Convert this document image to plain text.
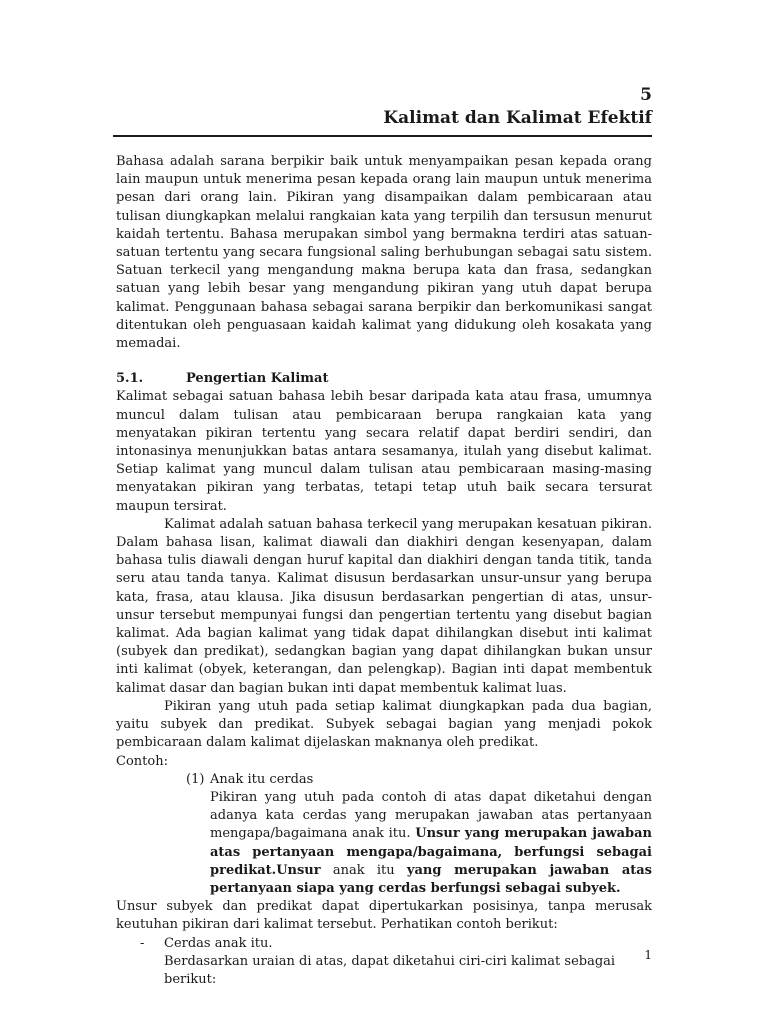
5
Kalimat dan Kalimat Efektif

Bahasa adalah sarana berpikir baik untuk menyampaikan pesan kepada orang lain maupun untuk menerima pesan kepada orang lain maupun untuk menerima pesan dari orang lain. Pikiran yang disampaikan dalam pembicaraan atau tulisan diungkapkan melalui rangkaian kata yang terpilih dan tersusun menurut kaidah tertentu. Bahasa merupakan simbol yang bermakna terdiri atas satuan-satuan tertentu yang secara fungsional saling berhubungan sebagai satu sistem. Satuan terkecil yang mengandung makna berupa kata dan frasa, sedangkan satuan yang lebih besar yang mengandung pikiran yang utuh dapat berupa kalimat. Penggunaan bahasa sebagai sarana berpikir dan berkomunikasi sangat ditentukan oleh penguasaan kaidah kalimat yang didukung oleh kosakata yang memadai.

5.1.	Pengertian Kalimat

Kalimat sebagai satuan bahasa lebih besar daripada kata atau frasa, umumnya muncul dalam tulisan atau pembicaraan berupa rangkaian kata yang menyatakan pikiran tertentu yang secara relatif dapat berdiri sendiri, dan intonasinya menunjukkan batas antara sesamanya, itulah yang disebut kalimat. Setiap kalimat yang muncul dalam tulisan atau pembicaraan masing-masing menyatakan pikiran yang terbatas, tetapi tetap utuh baik secara tersurat maupun tersirat.

Kalimat adalah satuan bahasa terkecil yang merupakan kesatuan pikiran. Dalam bahasa lisan, kalimat diawali dan diakhiri dengan kesenyapan, dalam bahasa tulis diawali dengan huruf kapital dan diakhiri dengan tanda titik, tanda seru atau tanda tanya. Kalimat disusun berdasarkan unsur-unsur yang berupa kata, frasa, atau klausa. Jika disusun berdasarkan pengertian di atas, unsur-unsur tersebut mempunyai fungsi dan pengertian tertentu yang disebut bagian kalimat. Ada bagian kalimat yang tidak dapat dihilangkan disebut inti kalimat (subyek dan predikat), sedangkan bagian yang dapat dihilangkan bukan unsur inti kalimat (obyek, keterangan, dan pelengkap). Bagian inti dapat membentuk kalimat dasar dan bagian bukan inti dapat membentuk kalimat luas.

Pikiran yang utuh pada setiap kalimat diungkapkan pada dua bagian, yaitu subyek dan predikat. Subyek sebagai bagian yang menjadi pokok pembicaraan dalam kalimat dijelaskan maknanya oleh predikat.

Contoh:

(1) Anak itu cerdas
Pikiran yang utuh pada contoh di atas dapat diketahui dengan adanya kata cerdas yang merupakan jawaban atas pertanyaan mengapa/bagaimana anak itu. Unsur yang merupakan jawaban atas pertanyaan mengapa/bagaimana, berfungsi sebagai predikat.Unsur anak itu yang merupakan jawaban atas pertanyaan siapa yang cerdas berfungsi sebagai subyek.

Unsur subyek dan predikat dapat dipertukarkan posisinya, tanpa merusak keutuhan pikiran dari kalimat tersebut. Perhatikan contoh berikut:

-	Cerdas anak itu.
Berdasarkan uraian di atas, dapat diketahui ciri-ciri kalimat sebagai berikut:
1
